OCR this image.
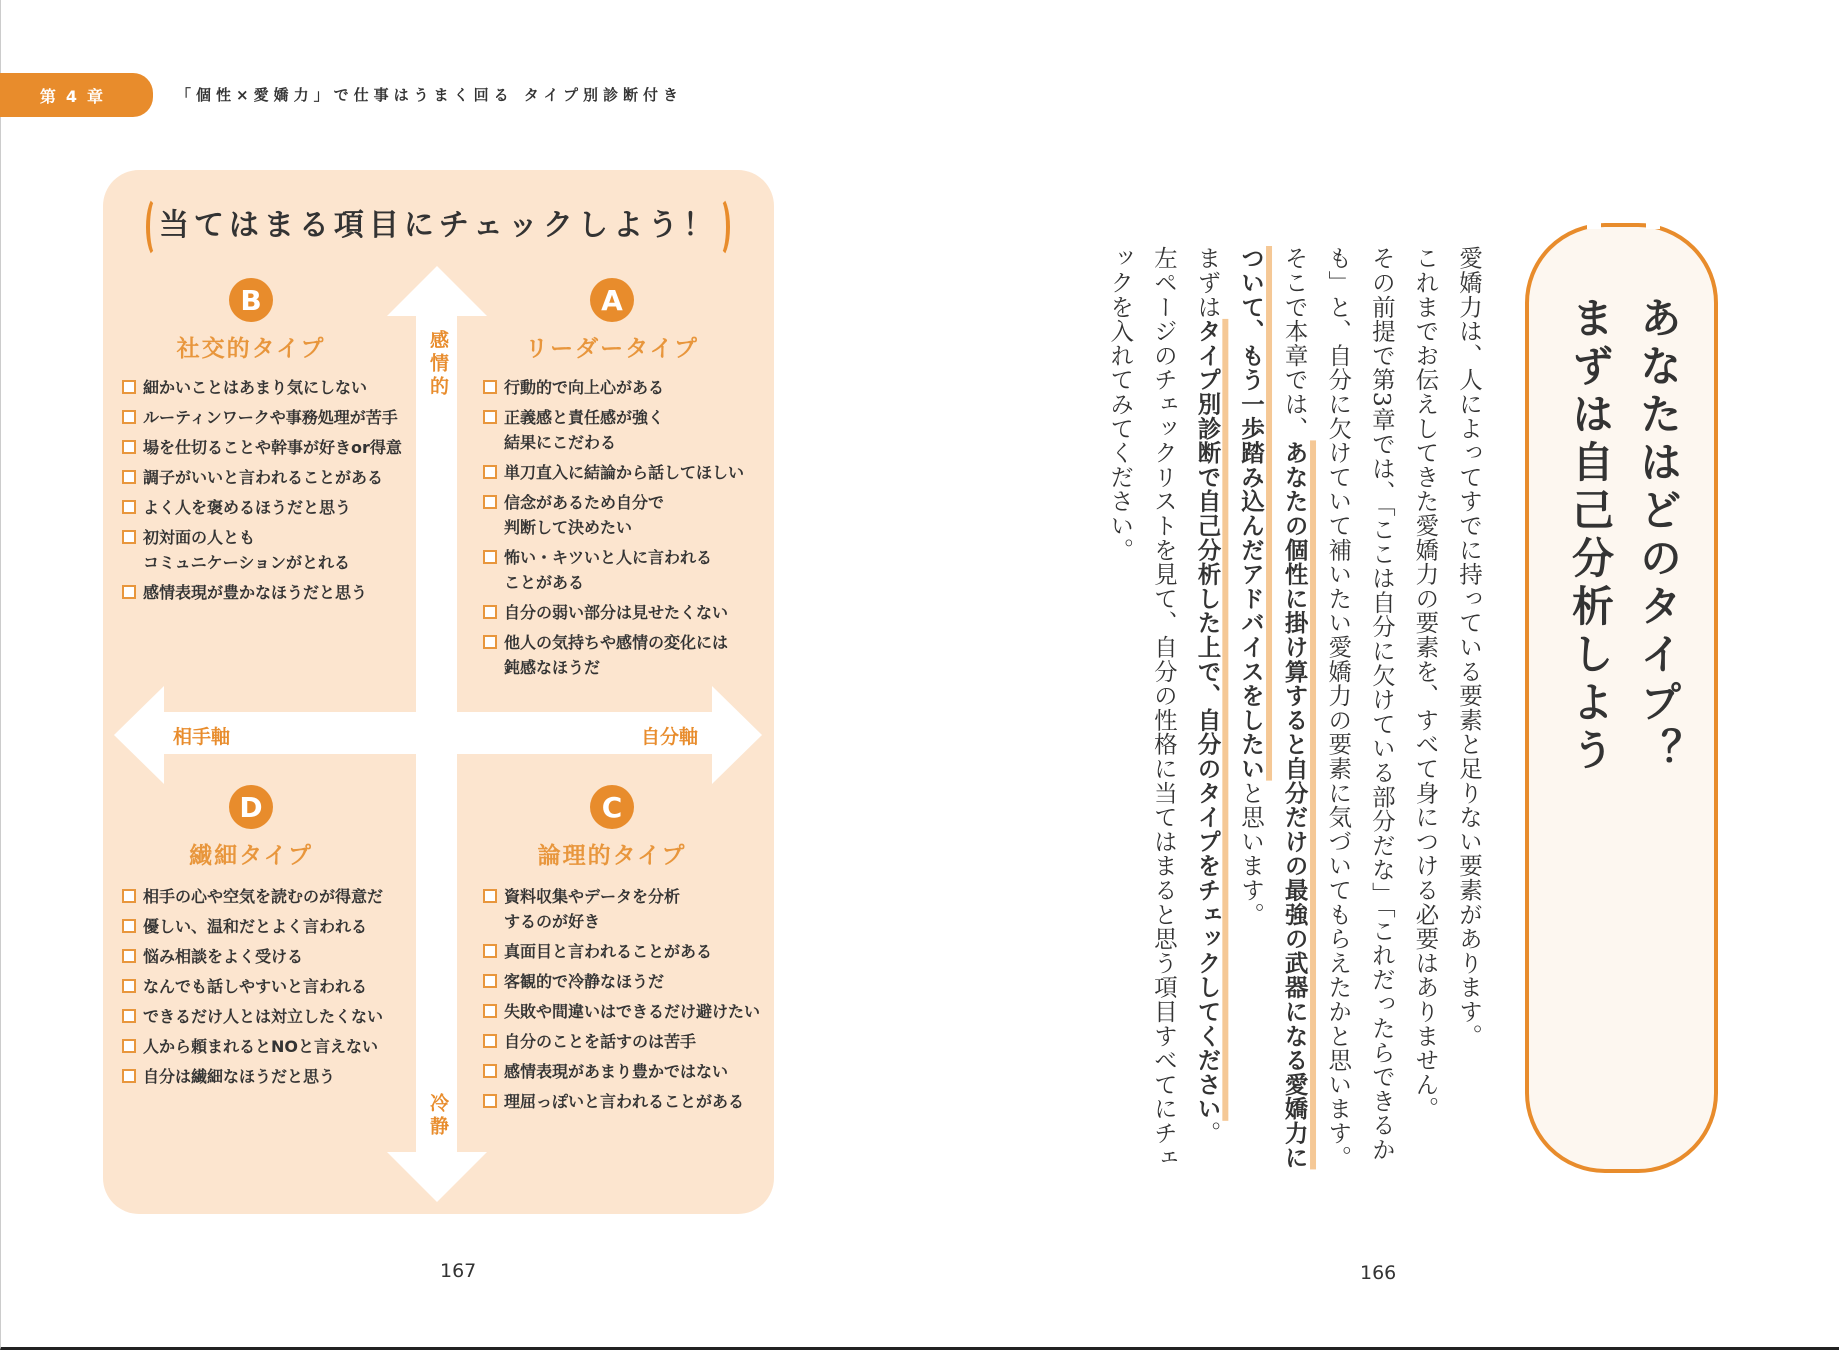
第4章	「個性×愛嬌力」で仕事はうまく回る タイプ別診断付き
当てはまる項目にチェックしよう！
感情的
冷静
相手軸	自分軸
B
社交的タイプ
細かいことはあまり気にしない
ルーティンワークや事務処理が苦手
場を仕切ることや幹事が好きor得意
調子がいいと言われることがある
よく人を褒めるほうだと思う
初対面の人とも
コミュニケーションがとれる
感情表現が豊かなほうだと思う
A
リーダータイプ
行動的で向上心がある
正義感と責任感が強く
結果にこだわる
単刀直入に結論から話してほしい
信念があるため自分で
判断して決めたい
怖い・キツいと人に言われる
ことがある
自分の弱い部分は見せたくない
他人の気持ちや感情の変化には
鈍感なほうだ
D
繊細タイプ
相手の心や空気を読むのが得意だ
優しい、温和だとよく言われる
悩み相談をよく受ける
なんでも話しやすいと言われる
できるだけ人とは対立したくない
人から頼まれるとNOと言えない
自分は繊細なほうだと思う
C
論理的タイプ
資料収集やデータを分析
するのが好き
真面目と言われることがある
客観的で冷静なほうだ
失敗や間違いはできるだけ避けたい
自分のことを話すのは苦手
感情表現があまり豊かではない
理屈っぽいと言われることがある
167
あなたはどのタイプ？
まずは自己分析しよう

愛嬌力は、人によってすでに持っている要素と足りない要素があります。

これまでお伝えしてきた愛嬌力の要素を、すべて身につける必要はありません。

その前提で第3章では、「ここは自分に欠けている部分だな」「これだったらできるかも」と、自分に欠けていて補いたい愛嬌力の要素に気づいてもらえたかと思います。

そこで本章では、あなたの個性に掛け算すると自分だけの最強の武器になる愛嬌力について、もう一歩踏み込んだアドバイスをしたいと思います。

まずはタイプ別診断で自己分析した上で、自分のタイプをチェックしてください。

左ページのチェックリストを見て、自分の性格に当てはまると思う項目すべてにチェックを入れてみてください。

166
